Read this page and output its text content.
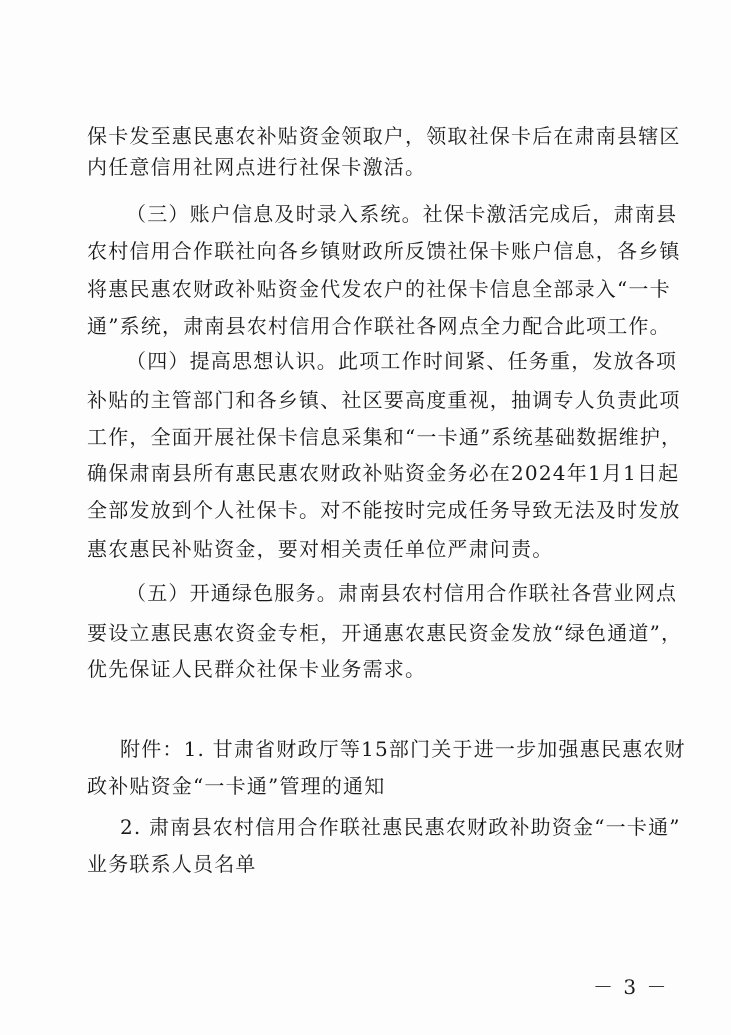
保卡发至惠民惠农补贴资金领取户，领取社保卡后在肃南县辖区
内任意信用社网点进行社保卡激活。
（三）账户信息及时录入系统。社保卡激活完成后，肃南县
农村信用合作联社向各乡镇财政所反馈社保卡账户信息，各乡镇
将惠民惠农财政补贴资金代发农户的社保卡信息全部录入“一卡
通”系统，肃南县农村信用合作联社各网点全力配合此项工作。
（四）提高思想认识。此项工作时间紧、任务重，发放各项
补贴的主管部门和各乡镇、社区要高度重视，抽调专人负责此项
工作，全面开展社保卡信息采集和“一卡通”系统基础数据维护，
确保肃南县所有惠民惠农财政补贴资金务必在2024年1月1日起
全部发放到个人社保卡。对不能按时完成任务导致无法及时发放
惠农惠民补贴资金，要对相关责任单位严肃问责。
（五）开通绿色服务。肃南县农村信用合作联社各营业网点
要设立惠民惠农资金专柜，开通惠农惠民资金发放“绿色通道”，
优先保证人民群众社保卡业务需求。
附件：1. 甘肃省财政厅等15部门关于进一步加强惠民惠农财
政补贴资金“一卡通”管理的通知
2. 肃南县农村信用合作联社惠民惠农财政补助资金“一卡通”
业务联系人员名单
－ 3 －
